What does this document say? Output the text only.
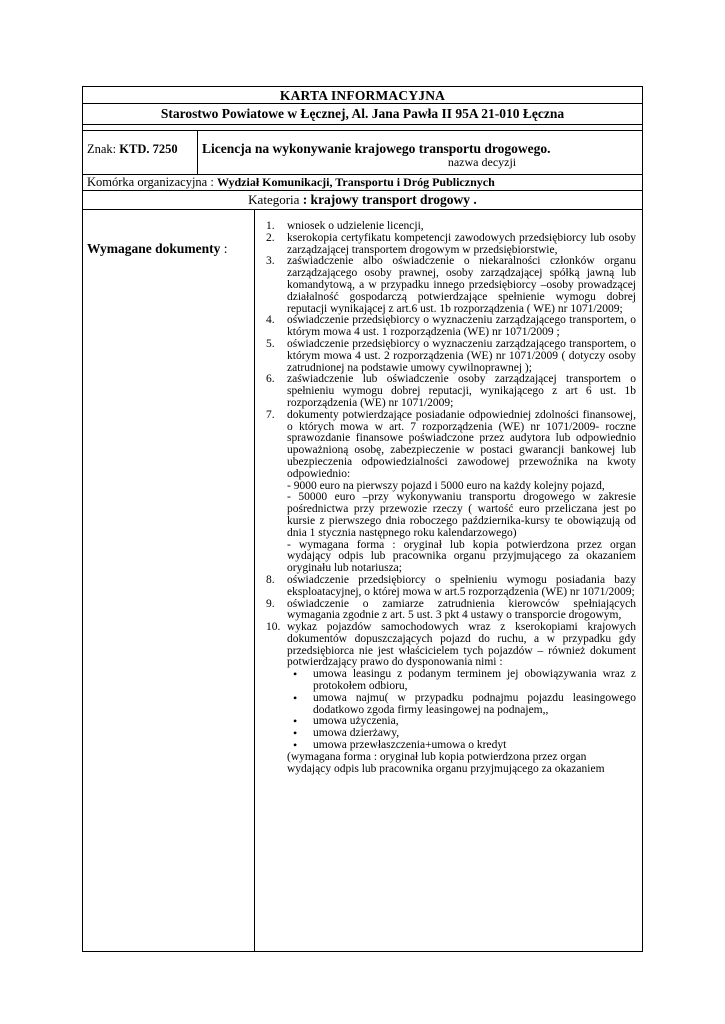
KARTA INFORMACYJNA
Starostwo Powiatowe w Łęcznej, Al. Jana Pawła II 95A 21-010 Łęczna
Znak: KTD. 7250	Licencja na wykonywanie krajowego transportu drogowego.
nazwa decyzji
Komórka organizacyjna : Wydział Komunikacji, Transportu i Dróg Publicznych
Kategoria : krajowy transport drogowy .
Wymagane dokumenty :
1. wniosek o udzielenie licencji,
2. kserokopia certyfikatu kompetencji zawodowych przedsiębiorcy lub osoby zarządzającej transportem drogowym w przedsiębiorstwie,
3. zaświadczenie albo oświadczenie o niekaralności członków organu zarządzającego osoby prawnej, osoby zarządzającej spółką jawną lub komandytową, a w przypadku innego przedsiębiorcy –osoby prowadzącej działalność gospodarczą potwierdzające spełnienie wymogu dobrej reputacji wynikającej z art.6 ust. 1b rozporządzenia ( WE) nr 1071/2009;
4. oświadczenie przedsiębiorcy o wyznaczeniu zarządzającego transportem, o którym mowa 4 ust. 1 rozporządzenia (WE) nr 1071/2009 ;
5. oświadczenie przedsiębiorcy o wyznaczeniu zarządzającego transportem, o którym mowa 4 ust. 2 rozporządzenia (WE) nr 1071/2009 ( dotyczy osoby zatrudnionej na podstawie umowy cywilnoprawnej );
6. zaświadczenie lub oświadczenie osoby zarządzającej transportem o spełnieniu wymogu dobrej reputacji, wynikającego z art 6 ust. 1b rozporządzenia (WE) nr 1071/2009;
7. dokumenty potwierdzające posiadanie odpowiedniej zdolności finansowej, o których mowa w art. 7 rozporządzenia (WE) nr 1071/2009- roczne sprawozdanie finansowe poświadczone przez audytora lub odpowiednio upoważnioną osobę, zabezpieczenie w postaci gwarancji bankowej lub ubezpieczenia odpowiedzialności zawodowej przewoźnika na kwoty odpowiednio:
- 9000 euro na pierwszy pojazd i 5000 euro na każdy kolejny pojazd,
- 50000 euro –przy wykonywaniu transportu drogowego w zakresie pośrednictwa przy przewozie rzeczy ( wartość euro przeliczana jest po kursie z pierwszego dnia roboczego października-kursy te obowiązują od dnia 1 stycznia następnego roku kalendarzowego)
- wymagana forma : oryginał lub kopia potwierdzona przez organ wydający odpis lub pracownika organu przyjmującego za okazaniem oryginału lub notariusza;
8. oświadczenie przedsiębiorcy o spełnieniu wymogu posiadania bazy eksploatacyjnej, o której mowa w art.5 rozporządzenia (WE) nr 1071/2009;
9. oświadczenie o zamiarze zatrudnienia kierowców spełniających wymagania zgodnie z art. 5 ust. 3 pkt 4 ustawy o transporcie drogowym,
10. wykaz pojazdów samochodowych wraz z kserokopiami krajowych dokumentów dopuszczających pojazd do ruchu, a w przypadku gdy przedsiębiorca nie jest właścicielem tych pojazdów – również dokument potwierdzający prawo do dysponowania nimi :
• umowa leasingu z podanym terminem jej obowiązywania wraz z protokołem odbioru,
• umowa najmu( w przypadku podnajmu pojazdu leasingowego dodatkowo zgoda firmy leasingowej na podnajem,,
• umowa użyczenia,
• umowa dzierżawy,
• umowa przewłaszczenia+umowa o kredyt
(wymagana forma : oryginał lub kopia potwierdzona przez organ
wydający odpis lub pracownika organu przyjmującego za okazaniem
